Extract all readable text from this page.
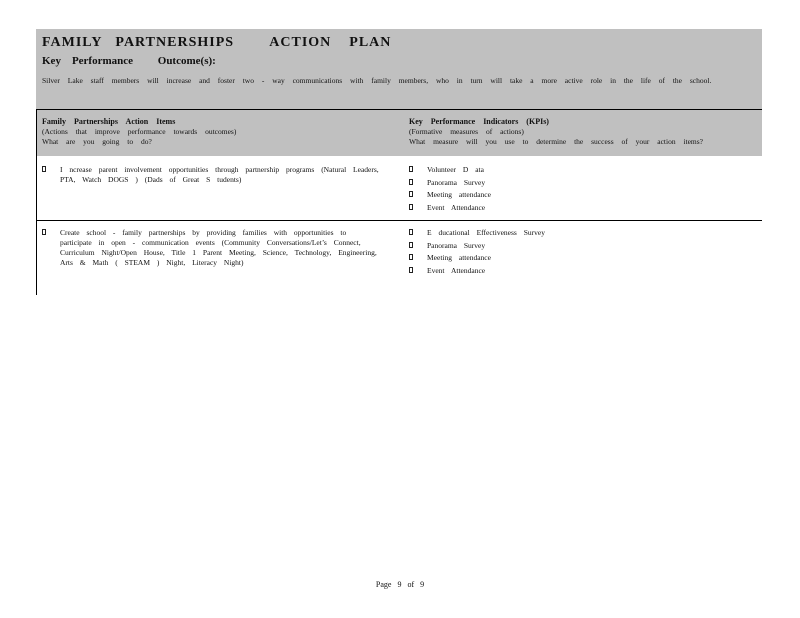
FAMILY   PARTNERSHIPS        ACTION    PLAN
Key    Performance         Outcome(s):
Silver Lake staff members will increase and foster two - way communications with family members, who in turn will take a more active role in the life of the school.
Family Partnerships Action Items
(Actions that improve performance towards outcomes)
What are you going to do?
Key Performance Indicators (KPIs)
(Formative measures of actions)
What measure will you use to determine the success of your action items?
I ncrease parent involvement opportunities through partnership programs (Natural Leaders, PTA, Watch DOGS ) (Dads of Great S tudents)
Volunteer D ata
Panorama Survey
Meeting attendance
Event Attendance
Create school - family partnerships by providing families with opportunities to participate in open - communication events (Community Conversations/Let’s Connect, Curriculum Night/Open House, Title 1 Parent Meeting, Science, Technology, Engineering, Arts & Math ( STEAM ) Night, Literacy Night)
E ducational Effectiveness Survey
Panorama Survey
Meeting attendance
Event Attendance
Page 9 of 9
